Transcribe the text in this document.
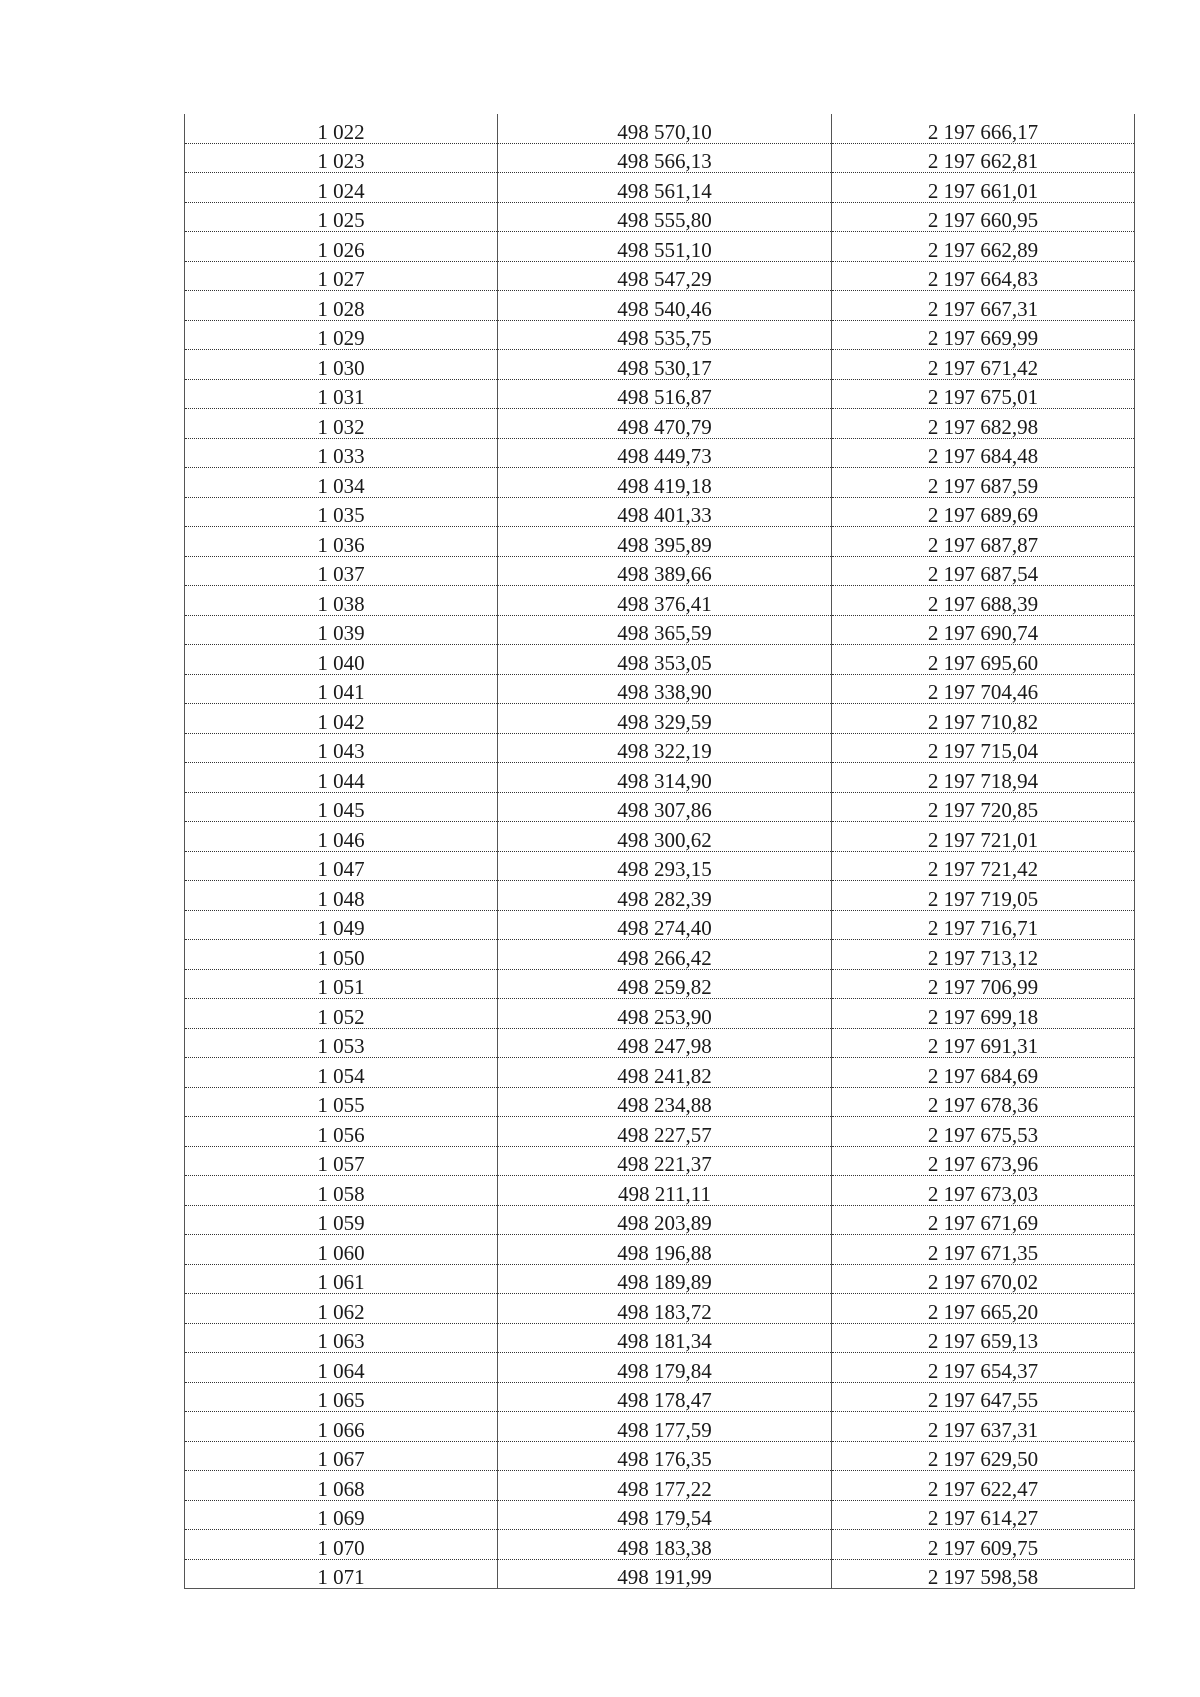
1 022	498 570,10	2 197 666,17
1 023	498 566,13	2 197 662,81
1 024	498 561,14	2 197 661,01
1 025	498 555,80	2 197 660,95
1 026	498 551,10	2 197 662,89
1 027	498 547,29	2 197 664,83
1 028	498 540,46	2 197 667,31
1 029	498 535,75	2 197 669,99
1 030	498 530,17	2 197 671,42
1 031	498 516,87	2 197 675,01
1 032	498 470,79	2 197 682,98
1 033	498 449,73	2 197 684,48
1 034	498 419,18	2 197 687,59
1 035	498 401,33	2 197 689,69
1 036	498 395,89	2 197 687,87
1 037	498 389,66	2 197 687,54
1 038	498 376,41	2 197 688,39
1 039	498 365,59	2 197 690,74
1 040	498 353,05	2 197 695,60
1 041	498 338,90	2 197 704,46
1 042	498 329,59	2 197 710,82
1 043	498 322,19	2 197 715,04
1 044	498 314,90	2 197 718,94
1 045	498 307,86	2 197 720,85
1 046	498 300,62	2 197 721,01
1 047	498 293,15	2 197 721,42
1 048	498 282,39	2 197 719,05
1 049	498 274,40	2 197 716,71
1 050	498 266,42	2 197 713,12
1 051	498 259,82	2 197 706,99
1 052	498 253,90	2 197 699,18
1 053	498 247,98	2 197 691,31
1 054	498 241,82	2 197 684,69
1 055	498 234,88	2 197 678,36
1 056	498 227,57	2 197 675,53
1 057	498 221,37	2 197 673,96
1 058	498 211,11	2 197 673,03
1 059	498 203,89	2 197 671,69
1 060	498 196,88	2 197 671,35
1 061	498 189,89	2 197 670,02
1 062	498 183,72	2 197 665,20
1 063	498 181,34	2 197 659,13
1 064	498 179,84	2 197 654,37
1 065	498 178,47	2 197 647,55
1 066	498 177,59	2 197 637,31
1 067	498 176,35	2 197 629,50
1 068	498 177,22	2 197 622,47
1 069	498 179,54	2 197 614,27
1 070	498 183,38	2 197 609,75
1 071	498 191,99	2 197 598,58
